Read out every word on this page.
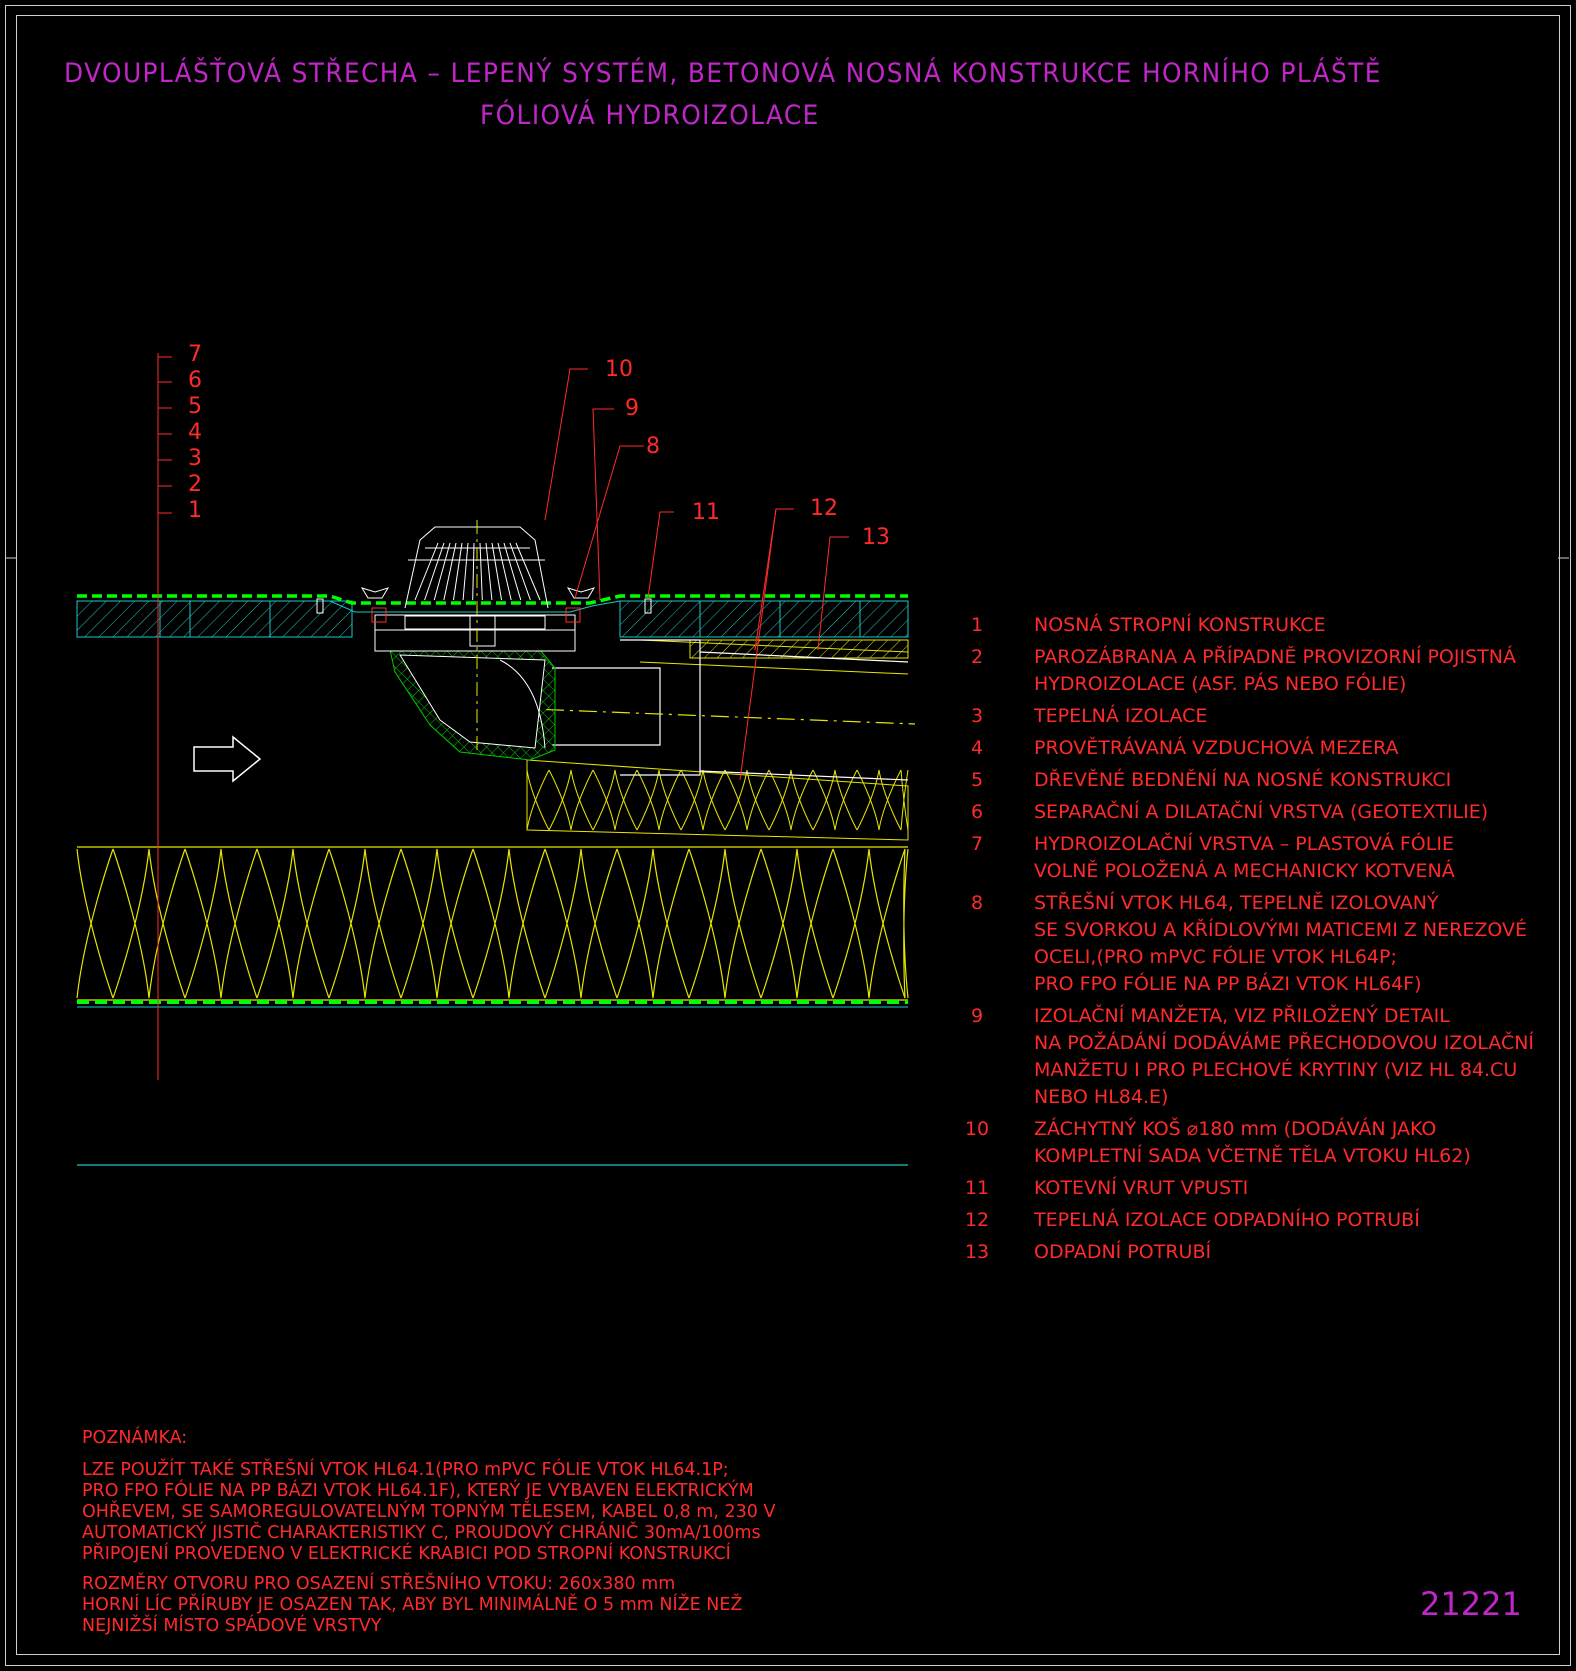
DVOUPLÁŠŤOVÁ STŘECHA – LEPENÝ SYSTÉM, BETONOVÁ NOSNÁ KONSTRUKCE HORNÍHO PLÁŠTĚ
FÓLIOVÁ HYDROIZOLACE
7
6
5
4
3
2
1
10
9
8
11	12
13
1	NOSNÁ STROPNÍ KONSTRUKCE
2	PAROZÁBRANA A PŘÍPADNĚ PROVIZORNÍ POJISTNÁ
HYDROIZOLACE (ASF. PÁS NEBO FÓLIE)
3	TEPELNÁ IZOLACE
4	PROVĚTRÁVANÁ VZDUCHOVÁ MEZERA
5	DŘEVĚNÉ BEDNĚNÍ NA NOSNÉ KONSTRUKCI
6	SEPARAČNÍ A DILATAČNÍ VRSTVA (GEOTEXTILIE)
7	HYDROIZOLAČNÍ VRSTVA – PLASTOVÁ FÓLIE
VOLNĚ POLOŽENÁ A MECHANICKY KOTVENÁ
8	STŘEŠNÍ VTOK HL64, TEPELNĚ IZOLOVANÝ
SE SVORKOU A KŘÍDLOVÝMI MATICEMI Z NEREZOVÉ
OCELI,(PRO mPVC FÓLIE VTOK HL64P;
PRO FPO FÓLIE NA PP BÁZI VTOK HL64F)
9	IZOLAČNÍ MANŽETA, VIZ PŘILOŽENÝ DETAIL
NA POŽÁDÁNÍ DODÁVÁME PŘECHODOVOU IZOLAČNÍ
MANŽETU I PRO PLECHOVÉ KRYTINY (VIZ HL 84.CU
NEBO HL84.E)
10	ZÁCHYTNÝ KOŠ ⌀180 mm (DODÁVÁN JAKO
KOMPLETNÍ SADA VČETNĚ TĚLA VTOKU HL62)
11	KOTEVNÍ VRUT VPUSTI
12	TEPELNÁ IZOLACE ODPADNÍHO POTRUBÍ
13	ODPADNÍ POTRUBÍ
POZNÁMKA:
LZE POUŽÍT TAKÉ STŘEŠNÍ VTOK HL64.1(PRO mPVC FÓLIE VTOK HL64.1P;
PRO FPO FÓLIE NA PP BÁZI VTOK HL64.1F), KTERÝ JE VYBAVEN ELEKTRICKÝM
OHŘEVEM, SE SAMOREGULOVATELNÝM TOPNÝM TĚLESEM, KABEL 0,8 m, 230 V
AUTOMATICKÝ JISTIČ CHARAKTERISTIKY C, PROUDOVÝ CHRÁNIČ 30mA/100ms
PŘIPOJENÍ PROVEDENO V ELEKTRICKÉ KRABICI POD STROPNÍ KONSTRUKCÍ
ROZMĚRY OTVORU PRO OSAZENÍ STŘEŠNÍHO VTOKU: 260x380 mm
HORNÍ LÍC PŘÍRUBY JE OSAZEN TAK, ABY BYL MINIMÁLNĚ O 5 mm NÍŽE NEŽ
NEJNIŽŠÍ MÍSTO SPÁDOVÉ VRSTVY
21221
